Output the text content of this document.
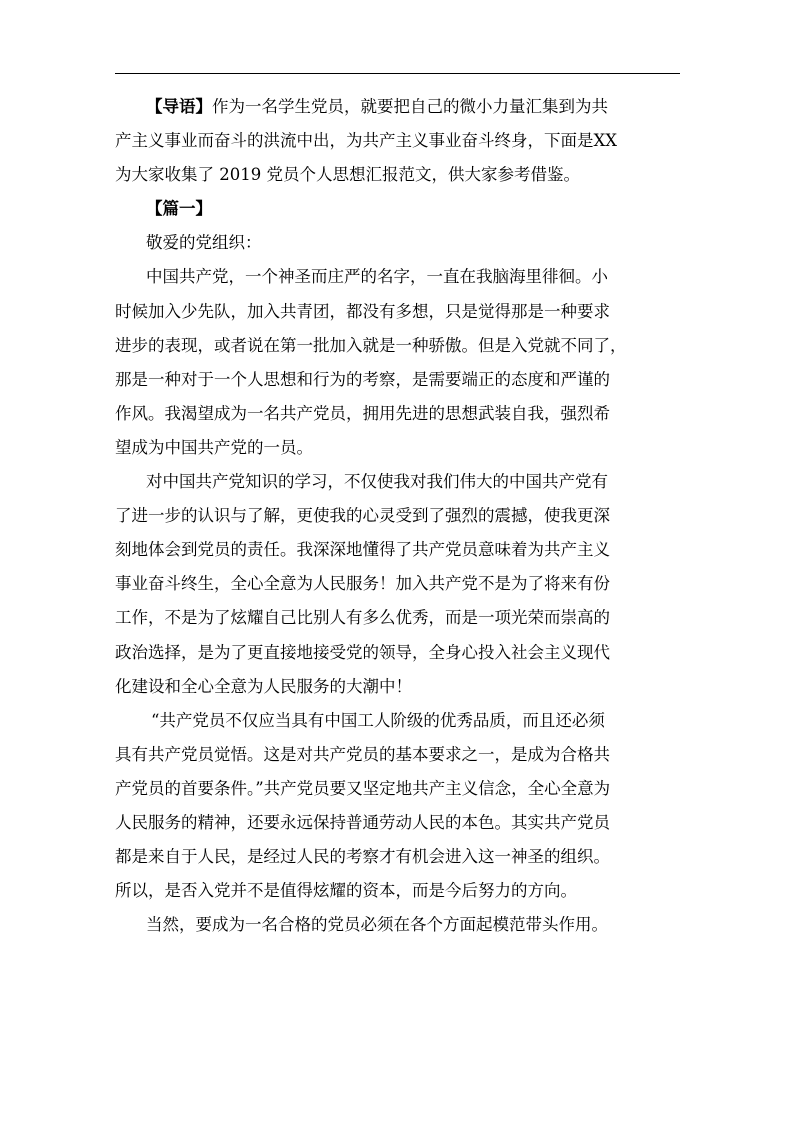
【导语】作为一名学生党员，就要把自己的微小力量汇集到为共
产主义事业而奋斗的洪流中出，为共产主义事业奋斗终身，下面是XX
为大家收集了 2019 党员个人思想汇报范文，供大家参考借鉴。
【篇一】
敬爱的党组织：
中国共产党，一个神圣而庄严的名字，一直在我脑海里徘徊。小
时候加入少先队，加入共青团，都没有多想，只是觉得那是一种要求
进步的表现，或者说在第一批加入就是一种骄傲。但是入党就不同了，
那是一种对于一个人思想和行为的考察，是需要端正的态度和严谨的
作风。我渴望成为一名共产党员，拥用先进的思想武装自我，强烈希
望成为中国共产党的一员。
对中国共产党知识的学习，不仅使我对我们伟大的中国共产党有
了进一步的认识与了解，更使我的心灵受到了强烈的震撼，使我更深
刻地体会到党员的责任。我深深地懂得了共产党员意味着为共产主义
事业奋斗终生，全心全意为人民服务！加入共产党不是为了将来有份
工作，不是为了炫耀自己比别人有多么优秀，而是一项光荣而崇高的
政治选择，是为了更直接地接受党的领导，全身心投入社会主义现代
化建设和全心全意为人民服务的大潮中！
“共产党员不仅应当具有中国工人阶级的优秀品质，而且还必须
具有共产党员觉悟。这是对共产党员的基本要求之一，是成为合格共
产党员的首要条件。”共产党员要又坚定地共产主义信念，全心全意为
人民服务的精神，还要永远保持普通劳动人民的本色。其实共产党员
都是来自于人民，是经过人民的考察才有机会进入这一神圣的组织。
所以，是否入党并不是值得炫耀的资本，而是今后努力的方向。
当然，要成为一名合格的党员必须在各个方面起模范带头作用。
